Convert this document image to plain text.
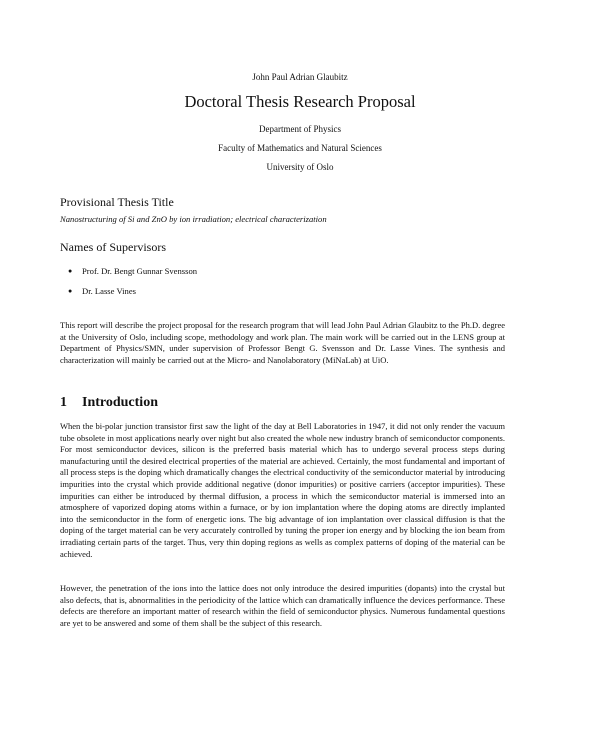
John Paul Adrian Glaubitz
Doctoral Thesis Research Proposal
Department of Physics
Faculty of Mathematics and Natural Sciences
University of Oslo
Provisional Thesis Title
Nanostructuring of Si and ZnO by ion irradiation; electrical characterization
Names of Supervisors
● Prof. Dr. Bengt Gunnar Svensson
● Dr. Lasse Vines

This report will describe the project proposal for the research program that will lead John Paul Adrian Glaubitz to the Ph.D. degree at the University of Oslo, including scope, methodology and work plan. The main work will be carried out in the LENS group at Department of Physics/SMN, under supervision of Professor Bengt G. Svensson and Dr. Lasse Vines. The synthesis and characterization will mainly be carried out at the Micro- and Nanolaboratory (MiNaLab) at UiO.

1 Introduction

When the bi-polar junction transistor first saw the light of the day at Bell Laboratories in 1947, it did not only render the vacuum tube obsolete in most applications nearly over night but also created the whole new industry branch of semiconductor components. For most semiconductor devices, silicon is the preferred basis material which has to undergo several process steps during manufacturing until the desired electrical properties of the material are achieved. Certainly, the most fundamental and important of all process steps is the doping which dramatically changes the electrical conductivity of the semiconductor material by introducing impurities into the crystal which provide additional negative (donor impurities) or positive carriers (acceptor impurities). These impurities can either be introduced by thermal diffusion, a process in which the semiconductor material is immersed into an atmosphere of vaporized doping atoms within a furnace, or by ion implantation where the doping atoms are directly implanted into the semiconductor in the form of energetic ions. The big advantage of ion implantation over classical diffusion is that the doping of the target material can be very accurately controlled by tuning the proper ion energy and by blocking the ion beam from irradiating certain parts of the target. Thus, very thin doping regions as wells as complex patterns of doping of the material can be achieved.

However, the penetration of the ions into the lattice does not only introduce the desired impurities (dopants) into the crystal but also defects, that is, abnormalities in the periodicity of the lattice which can dramatically influence the devices performance. These defects are therefore an important matter of research within the field of semiconductor physics. Numerous fundamental questions are yet to be answered and some of them shall be the subject of this research.
